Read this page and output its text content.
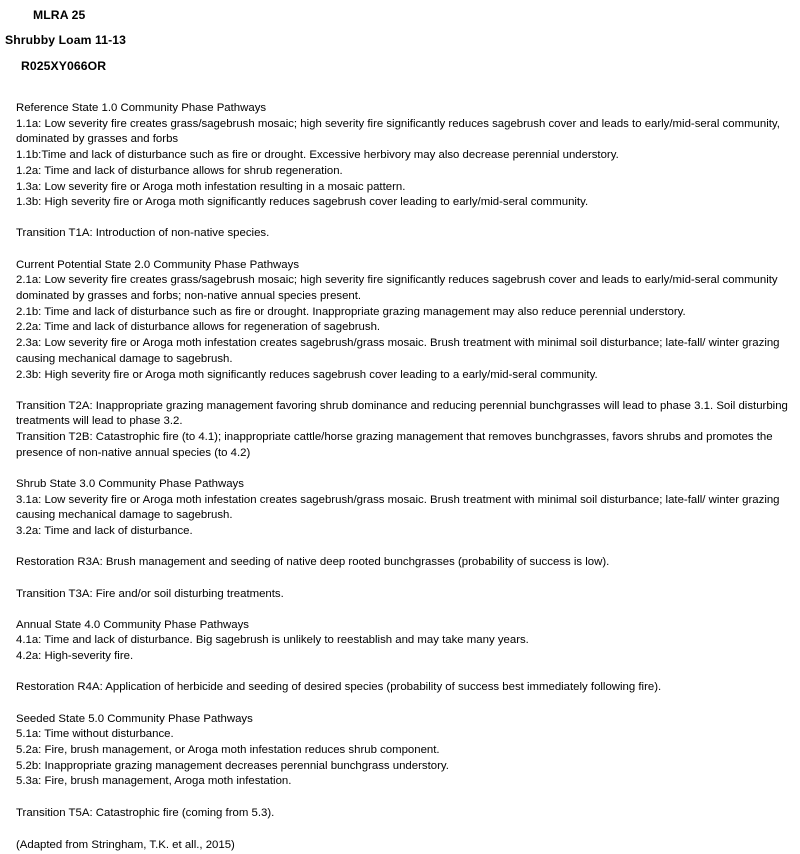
MLRA 25
Shrubby Loam 11-13
R025XY066OR

Reference State 1.0 Community Phase Pathways

1.1a: Low severity fire creates grass/sagebrush mosaic; high severity fire significantly reduces sagebrush cover and leads to early/mid-seral community, dominated by grasses and forbs

1.1b:Time and lack of disturbance such as fire or drought. Excessive herbivory may also decrease perennial understory.

1.2a: Time and lack of disturbance allows for shrub regeneration.

1.3a: Low severity fire or Aroga moth infestation resulting in a mosaic pattern.

1.3b: High severity fire or Aroga moth significantly reduces sagebrush cover leading to early/mid-seral community.

Transition T1A: Introduction of non-native species.

Current Potential State 2.0 Community Phase Pathways

2.1a: Low severity fire creates grass/sagebrush mosaic; high severity fire significantly reduces sagebrush cover and leads to early/mid-seral community dominated by grasses and forbs; non-native annual species present.

2.1b: Time and lack of disturbance such as fire or drought. Inappropriate grazing management may also reduce perennial understory.

2.2a: Time and lack of disturbance allows for regeneration of sagebrush.

2.3a: Low severity fire or Aroga moth infestation creates sagebrush/grass mosaic. Brush treatment with minimal soil disturbance; late-fall/ winter grazing causing mechanical damage to sagebrush.

2.3b: High severity fire or Aroga moth significantly reduces sagebrush cover leading to a early/mid-seral community.

Transition T2A: Inappropriate grazing management favoring shrub dominance and reducing perennial bunchgrasses will lead to phase 3.1. Soil disturbing treatments will lead to phase 3.2.

Transition T2B: Catastrophic fire (to 4.1); inappropriate cattle/horse grazing management that removes bunchgrasses, favors shrubs and promotes the presence of non-native annual species (to 4.2)

Shrub State 3.0 Community Phase Pathways

3.1a: Low severity fire or Aroga moth infestation creates sagebrush/grass mosaic. Brush treatment with minimal soil disturbance; late-fall/ winter grazing causing mechanical damage to sagebrush.

3.2a: Time and lack of disturbance.

Restoration R3A: Brush management and seeding of native deep rooted bunchgrasses (probability of success is low).

Transition T3A: Fire and/or soil disturbing treatments.

Annual State 4.0 Community Phase Pathways

4.1a: Time and lack of disturbance. Big sagebrush is unlikely to reestablish and may take many years.

4.2a: High-severity fire.

Restoration R4A: Application of herbicide and seeding of desired species (probability of success best immediately following fire).

Seeded State 5.0 Community Phase Pathways

5.1a: Time without disturbance.

5.2a: Fire, brush management, or Aroga moth infestation reduces shrub component.

5.2b: Inappropriate grazing management decreases perennial bunchgrass understory.

5.3a: Fire, brush management, Aroga moth infestation.

Transition T5A: Catastrophic fire (coming from 5.3).

(Adapted from Stringham, T.K. et all., 2015)
